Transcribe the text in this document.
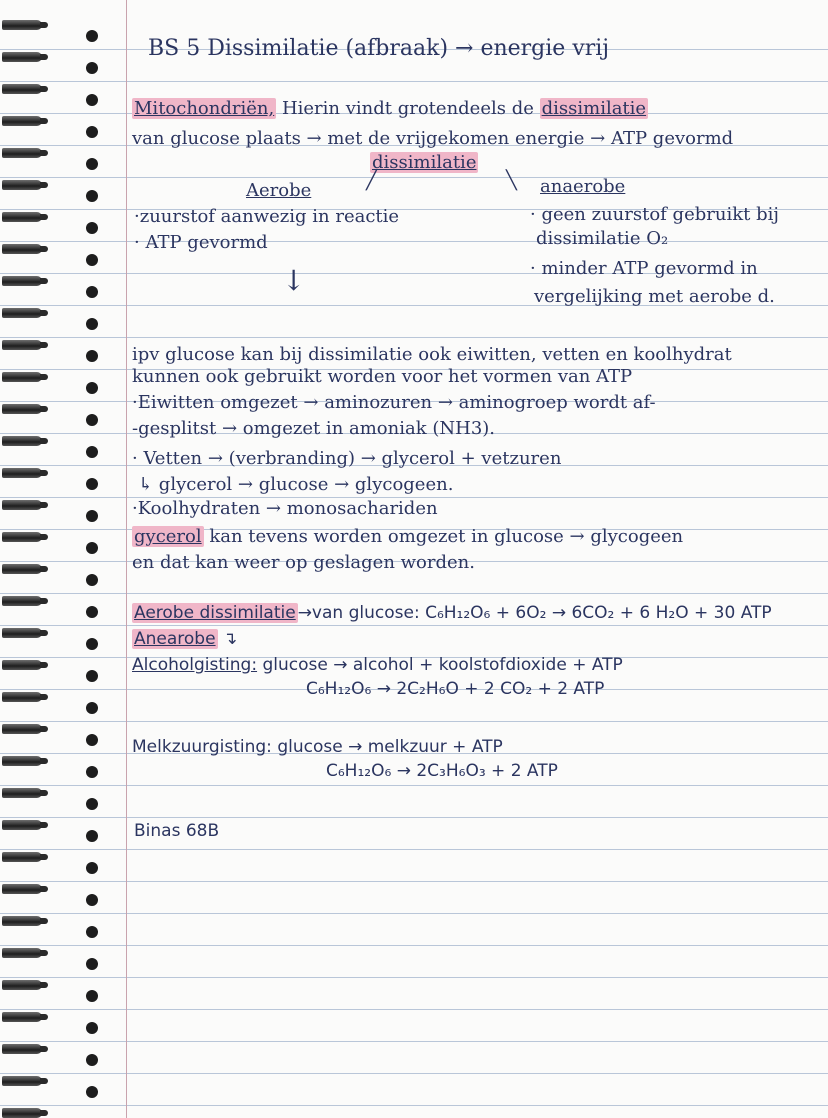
BS 5 Dissimilatie (afbraak) → energie vrij
Mitochondriën, Hierin vindt grotendeels de dissimilatie
van glucose plaats → met de vrijgekomen energie → ATP gevormd
dissimilatie
╱	╲
Aerobe
·zuurstof aanwezig in reactie
· ATP gevormd
↓
anaerobe
· geen zuurstof gebruikt bij
dissimilatie O₂
· minder ATP gevormd in
vergelijking met aerobe d.
ipv glucose kan bij dissimilatie ook eiwitten, vetten en koolhydrat
kunnen ook gebruikt worden voor het vormen van ATP
·Eiwitten omgezet → aminozuren → aminogroep wordt af-
-gesplitst → omgezet in amoniak (NH3).
· Vetten → (verbranding) → glycerol + vetzuren
↳ glycerol → glucose → glycogeen.
·Koolhydraten → monosachariden
gycerol kan tevens worden omgezet in glucose → glycogeen
en dat kan weer op geslagen worden.
Aerobe dissimilatie →van glucose: C₆H₁₂O₆ + 6O₂ → 6CO₂ + 6 H₂O + 30 ATP
Anearobe ↴
Alcoholgisting: glucose → alcohol + koolstofdioxide + ATP
C₆H₁₂O₆ → 2C₂H₆O + 2 CO₂ + 2 ATP
Melkzuurgisting: glucose → melkzuur + ATP
C₆H₁₂O₆ → 2C₃H₆O₃ + 2 ATP
Binas 68B
